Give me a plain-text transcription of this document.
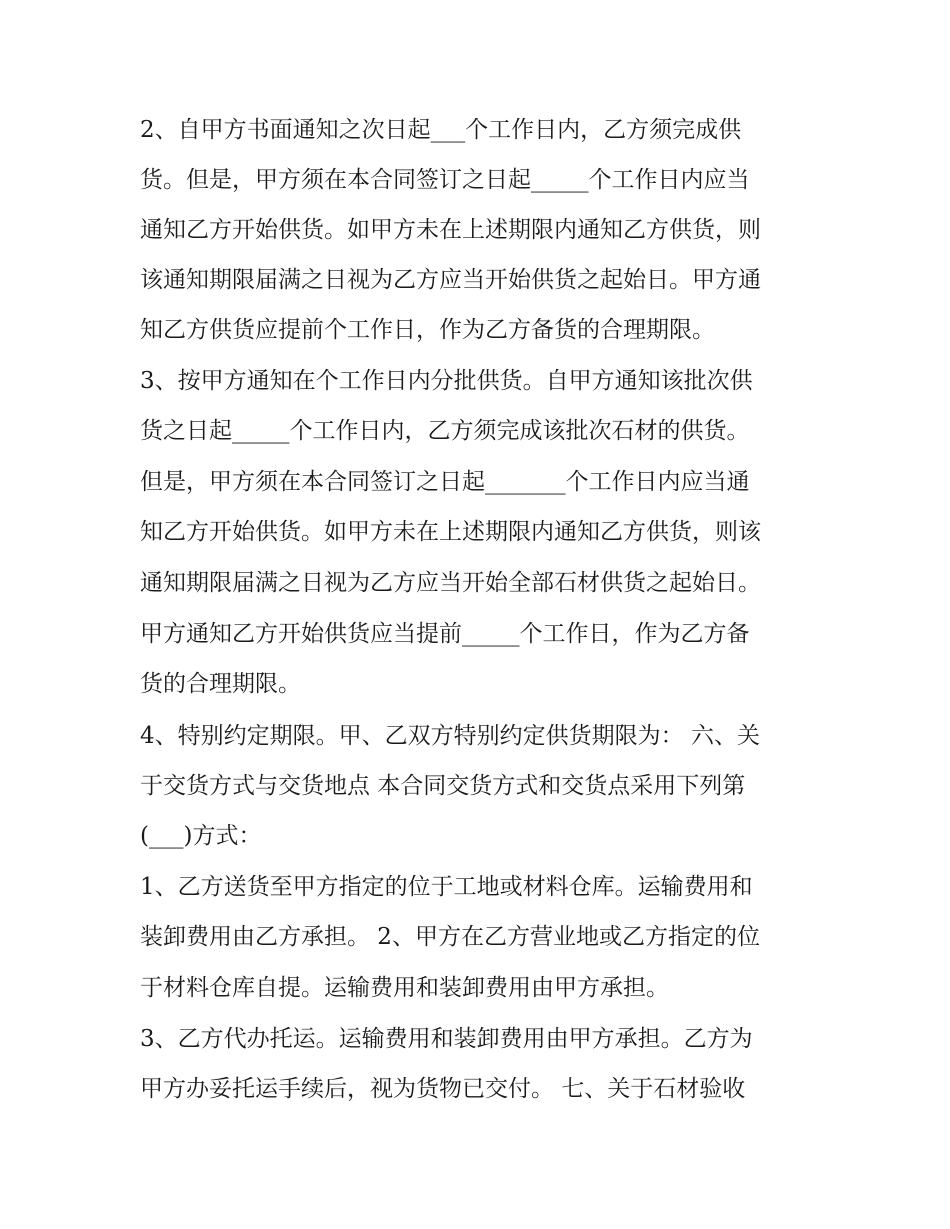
2、自甲方书面通知之次日起___个工作日内，乙方须完成供
货。但是，甲方须在本合同签订之日起_____个工作日内应当
通知乙方开始供货。如甲方未在上述期限内通知乙方供货，则
该通知期限届满之日视为乙方应当开始供货之起始日。甲方通
知乙方供货应提前个工作日，作为乙方备货的合理期限。
3、按甲方通知在个工作日内分批供货。自甲方通知该批次供
货之日起_____个工作日内，乙方须完成该批次石材的供货。
但是，甲方须在本合同签订之日起_______个工作日内应当通
知乙方开始供货。如甲方未在上述期限内通知乙方供货，则该
通知期限届满之日视为乙方应当开始全部石材供货之起始日。
甲方通知乙方开始供货应当提前_____个工作日，作为乙方备
货的合理期限。
4、特别约定期限。甲、乙双方特别约定供货期限为： 六、关
于交货方式与交货地点 本合同交货方式和交货点采用下列第
(___)方式：
1、乙方送货至甲方指定的位于工地或材料仓库。运输费用和
装卸费用由乙方承担。 2、甲方在乙方营业地或乙方指定的位
于材料仓库自提。运输费用和装卸费用由甲方承担。
3、乙方代办托运。运输费用和装卸费用由甲方承担。乙方为
甲方办妥托运手续后，视为货物已交付。 七、关于石材验收
